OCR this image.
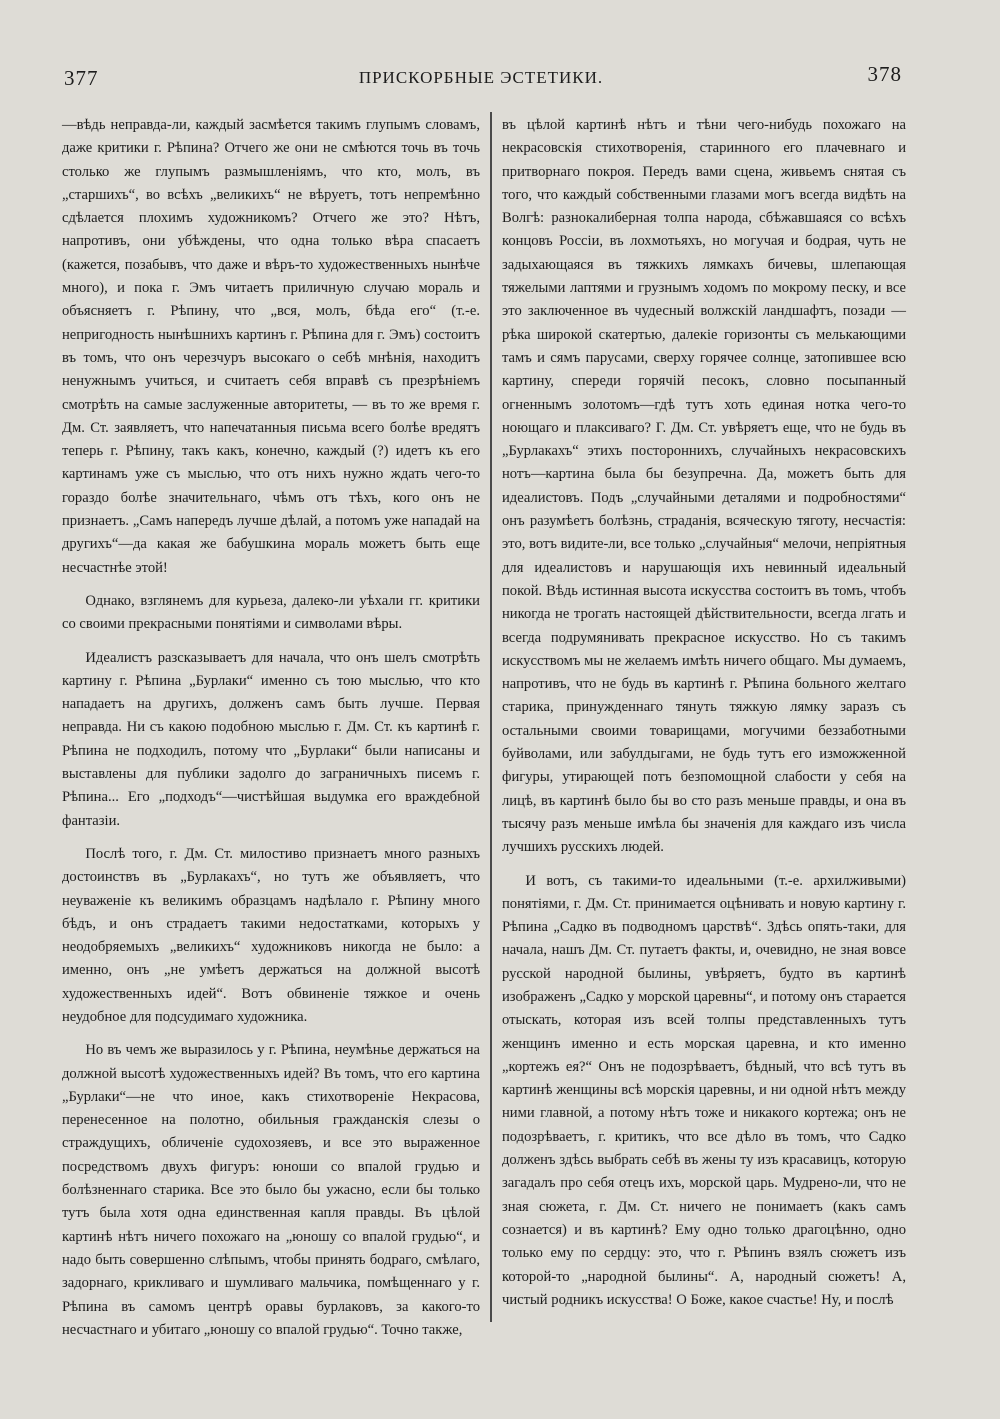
377	ПРИСКОРБНЫЕ ЭСТЕТИКИ.	378

—вѣдь неправда-ли, каждый засмѣется такимъ глупымъ словамъ, даже критики г. Рѣпина? Отчего же они не смѣются точь въ точь столько же глупымъ размышленіямъ, что кто, молъ, въ „старшихъ“, во всѣхъ „великихъ“ не вѣруетъ, тотъ непремѣнно сдѣлается плохимъ художникомъ? Отчего же это? Нѣтъ, напротивъ, они убѣждены, что одна только вѣра спасаетъ (кажется, позабывъ, что даже и вѣръ-то художественныхъ нынѣче много), и пока г. Эмъ читаетъ приличную случаю мораль и объясняетъ г. Рѣпину, что „вся, молъ, бѣда его“ (т.-е. непригодность нынѣшнихъ картинъ г. Рѣпина для г. Эмъ) состоитъ въ томъ, что онъ черезчуръ высокаго о себѣ мнѣнія, находитъ ненужнымъ учиться, и считаетъ себя вправѣ съ презрѣніемъ смотрѣть на самые заслуженные авторитеты, — въ то же время г. Дм. Ст. заявляетъ, что напечатанныя письма всего болѣе вредятъ теперь г. Рѣпину, такъ какъ, конечно, каждый (?) идетъ къ его картинамъ уже съ мыслью, что отъ нихъ нужно ждать чего-то гораздо болѣе значительнаго, чѣмъ отъ тѣхъ, кого онъ не признаетъ. „Самъ напередъ лучше дѣлай, а потомъ уже нападай на другихъ“—да какая же бабушкина мораль можетъ быть еще несчастнѣе этой!

Однако, взглянемъ для курьеза, далеко-ли уѣхали гг. критики со своими прекрасными понятіями и символами вѣры.

Идеалистъ разсказываетъ для начала, что онъ шелъ смотрѣть картину г. Рѣпина „Бурлаки“ именно съ тою мыслью, что кто нападаетъ на другихъ, долженъ самъ быть лучше. Первая неправда. Ни съ какою подобною мыслью г. Дм. Ст. къ картинѣ г. Рѣпина не подходилъ, потому что „Бурлаки“ были написаны и выставлены для публики задолго до заграничныхъ писемъ г. Рѣпина... Его „подходъ“—чистѣйшая выдумка его враждебной фантазіи.

Послѣ того, г. Дм. Ст. милостиво признаетъ много разныхъ достоинствъ въ „Бурлакахъ“, но тутъ же объявляетъ, что неуваженіе къ великимъ образцамъ надѣлало г. Рѣпину много бѣдъ, и онъ страдаетъ такими недостатками, которыхъ у неодобряемыхъ „великихъ“ художниковъ никогда не было: а именно, онъ „не умѣетъ держаться на должной высотѣ художественныхъ идей“. Вотъ обвиненіе тяжкое и очень неудобное для подсудимаго художника.

Но въ чемъ же выразилось у г. Рѣпина, неумѣнье держаться на должной высотѣ художественныхъ идей? Въ томъ, что его картина „Бурлаки“—не что иное, какъ стихотвореніе Некрасова, перенесенное на полотно, обильныя гражданскія слезы о страждущихъ, обличеніе судохозяевъ, и все это выраженное посредствомъ двухъ фигуръ: юноши со впалой грудью и болѣзненнаго старика. Все это было бы ужасно, если бы только тутъ была хотя одна единственная капля правды. Въ цѣлой картинѣ нѣтъ ничего похожаго на „юношу со впалой грудью“, и надо быть совершенно слѣпымъ, чтобы принять бодраго, смѣлаго, задорнаго, крикливаго и шумливаго мальчика, помѣщеннаго у г. Рѣпина въ самомъ центрѣ оравы бурлаковъ, за какого-то несчастнаго и убитаго „юношу со впалой грудью“. Точно также,

въ цѣлой картинѣ нѣтъ и тѣни чего-нибудь похожаго на некрасовскія стихотворенія, старинного его плачевнаго и притворнаго покроя. Передъ вами сцена, живьемъ снятая съ того, что каждый собственными глазами могъ всегда видѣть на Волгѣ: разнокалиберная толпа народа, сбѣжавшаяся со всѣхъ концовъ Россіи, въ лохмотьяхъ, но могучая и бодрая, чуть не задыхающаяся въ тяжкихъ лямкахъ бичевы, шлепающая тяжелыми лаптями и грузнымъ ходомъ по мокрому песку, и все это заключенное въ чудесный волжскій ландшафтъ, позади — рѣка широкой скатертью, далекіе горизонты съ мелькающими тамъ и сямъ парусами, сверху горячее солнце, затопившее всю картину, спереди горячій песокъ, словно посыпанный огненнымъ золотомъ—гдѣ тутъ хоть единая нотка чего-то ноющаго и плаксиваго? Г. Дм. Ст. увѣряетъ еще, что не будь въ „Бурлакахъ“ этихъ постороннихъ, случайныхъ некрасовскихъ нотъ—картина была бы безупречна. Да, можетъ быть для идеалистовъ. Подъ „случайными деталями и подробностями“ онъ разумѣетъ болѣзнь, страданія, всяческую тяготу, несчастія: это, вотъ видите-ли, все только „случайныя“ мелочи, непріятныя для идеалистовъ и нарушающія ихъ невинный идеальный покой. Вѣдь истинная высота искусства состоитъ въ томъ, чтобъ никогда не трогать настоящей дѣйствительности, всегда лгать и всегда подрумянивать прекрасное искусство. Но съ такимъ искусствомъ мы не желаемъ имѣть ничего общаго. Мы думаемъ, напротивъ, что не будь въ картинѣ г. Рѣпина больного желтаго старика, принужденнаго тянуть тяжкую лямку заразъ съ остальными своими товарищами, могучими беззаботными буйволами, или забулдыгами, не будь тутъ его изможженной фигуры, утирающей потъ безпомощной слабости у себя на лицѣ, въ картинѣ было бы во сто разъ меньше правды, и она въ тысячу разъ меньше имѣла бы значенія для каждаго изъ числа лучшихъ русскихъ людей.

И вотъ, съ такими-то идеальными (т.-е. архилживыми) понятіями, г. Дм. Ст. принимается оцѣнивать и новую картину г. Рѣпина „Садко въ подводномъ царствѣ“. Здѣсь опять-таки, для начала, нашъ Дм. Ст. путаетъ факты, и, очевидно, не зная вовсе русской народной былины, увѣряетъ, будто въ картинѣ изображенъ „Садко у морской царевны“, и потому онъ старается отыскать, которая изъ всей толпы представленныхъ тутъ женщинъ именно и есть морская царевна, и кто именно „кортежъ ея?“ Онъ не подозрѣваетъ, бѣдный, что всѣ тутъ въ картинѣ женщины всѣ морскія царевны, и ни одной нѣтъ между ними главной, а потому нѣтъ тоже и никакого кортежа; онъ не подозрѣваетъ, г. критикъ, что все дѣло въ томъ, что Садко долженъ здѣсь выбрать себѣ въ жены ту изъ красавицъ, которую загадалъ про себя отецъ ихъ, морской царь. Мудрено-ли, что не зная сюжета, г. Дм. Ст. ничего не понимаетъ (какъ самъ сознается) и въ картинѣ? Ему одно только драгоцѣнно, одно только ему по сердцу: это, что г. Рѣпинъ взялъ сюжетъ изъ которой-то „народной былины“. А, народный сюжетъ! А, чистый родникъ искусства! О Боже, какое счастье! Ну, и послѣ
